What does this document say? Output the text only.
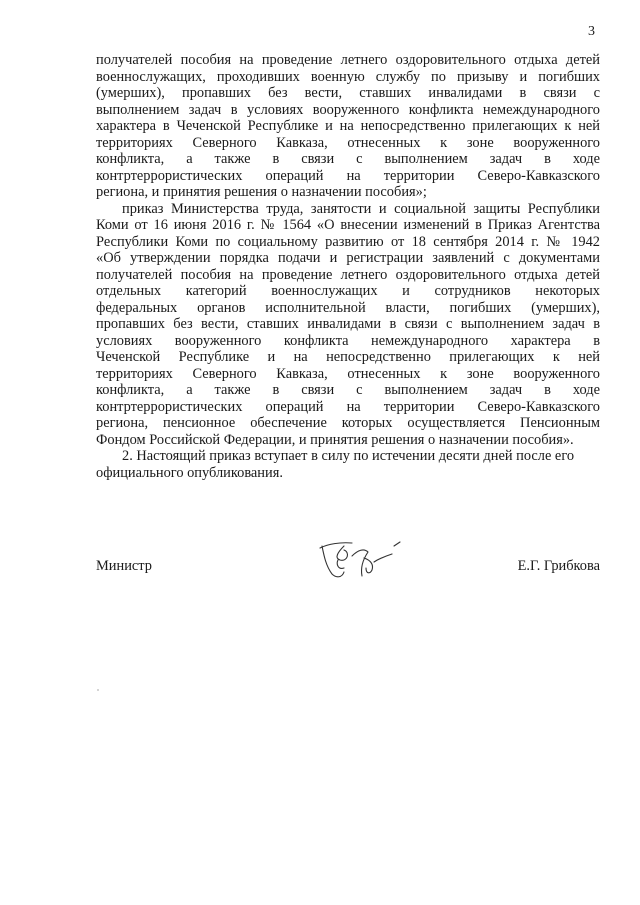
3
получателей пособия на проведение летнего оздоровительного отдыха детей
военнослужащих, проходивших военную службу по призыву и погибших
(умерших), пропавших без вести, ставших инвалидами в связи с
выполнением задач в условиях вооруженного конфликта немеждународного
характера в Чеченской Республике и на непосредственно прилегающих к ней
территориях Северного Кавказа, отнесенных к зоне вооруженного
конфликта, а также в связи с выполнением задач в ходе
контртеррористических операций на территории Северо-Кавказского
региона, и принятия решения о назначении пособия»;
приказ Министерства труда, занятости и социальной защиты Республики
Коми от 16 июня 2016 г. № 1564 «О внесении изменений в Приказ Агентства
Республики Коми по социальному развитию от 18 сентября 2014 г. № 1942
«Об утверждении порядка подачи и регистрации заявлений с документами
получателей пособия на проведение летнего оздоровительного отдыха детей
отдельных категорий военнослужащих и сотрудников некоторых
федеральных органов исполнительной власти, погибших (умерших),
пропавших без вести, ставших инвалидами в связи с выполнением задач в
условиях вооруженного конфликта немеждународного характера в
Чеченской Республике и на непосредственно прилегающих к ней
территориях Северного Кавказа, отнесенных к зоне вооруженного
конфликта, а также в связи с выполнением задач в ходе
контртеррористических операций на территории Северо-Кавказского
региона, пенсионное обеспечение которых осуществляется Пенсионным
Фондом Российской Федерации, и принятия решения о назначении пособия».
2. Настоящий приказ вступает в силу по истечении десяти дней после его
официального опубликования.
Министр	Е.Г. Грибкова
